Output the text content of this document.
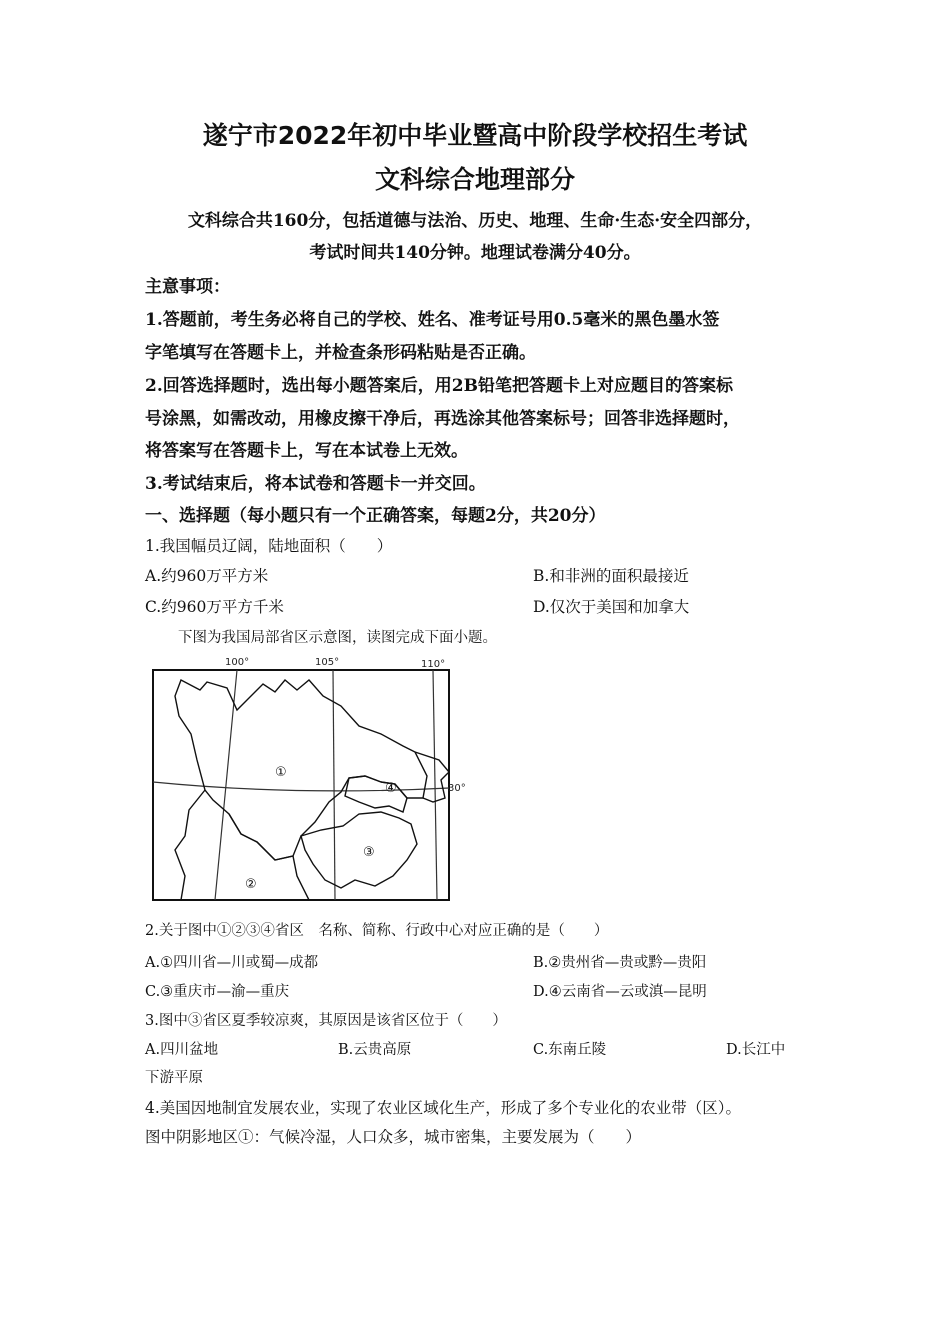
遂宁市2022年初中毕业暨高中阶段学校招生考试
文科综合地理部分
文科综合共160分，包括道德与法治、历史、地理、生命·生态·安全四部分，
考试时间共140分钟。地理试卷满分40分。
主意事项：
1.答题前，考生务必将自己的学校、姓名、准考证号用0.5毫米的黑色墨水签
字笔填写在答题卡上，并检查条形码粘贴是否正确。
2.回答选择题时，选出每小题答案后，用2B铅笔把答题卡上对应题目的答案标
号涂黑，如需改动，用橡皮擦干净后，再选涂其他答案标号；回答非选择题时，
将答案写在答题卡上，写在本试卷上无效。
3.考试结束后，将本试卷和答题卡一并交回。
一、选择题（每小题只有一个正确答案，每题2分，共20分）
1.我国幅员辽阔，陆地面积（　　）
A.约960万平方米	B.和非洲的面积最接近
C.约960万平方千米	D.仅次于美国和加拿大
下图为我国局部省区示意图，读图完成下面小题。
①
②
③
④
100°	105°	110°
30°
2.关于图中①②③④省区　名称、简称、行政中心对应正确的是（　　）
A.①四川省—川或蜀—成都	B.②贵州省—贵或黔—贵阳
C.③重庆市—渝—重庆	D.④云南省—云或滇—昆明
3.图中③省区夏季较凉爽，其原因是该省区位于（　　）
A.四川盆地	B.云贵高原	C.东南丘陵	D.长江中
下游平原
4.美国因地制宜发展农业，实现了农业区域化生产，形成了多个专业化的农业带（区）。
图中阴影地区①：气候冷湿，人口众多，城市密集，主要发展为（　　）
